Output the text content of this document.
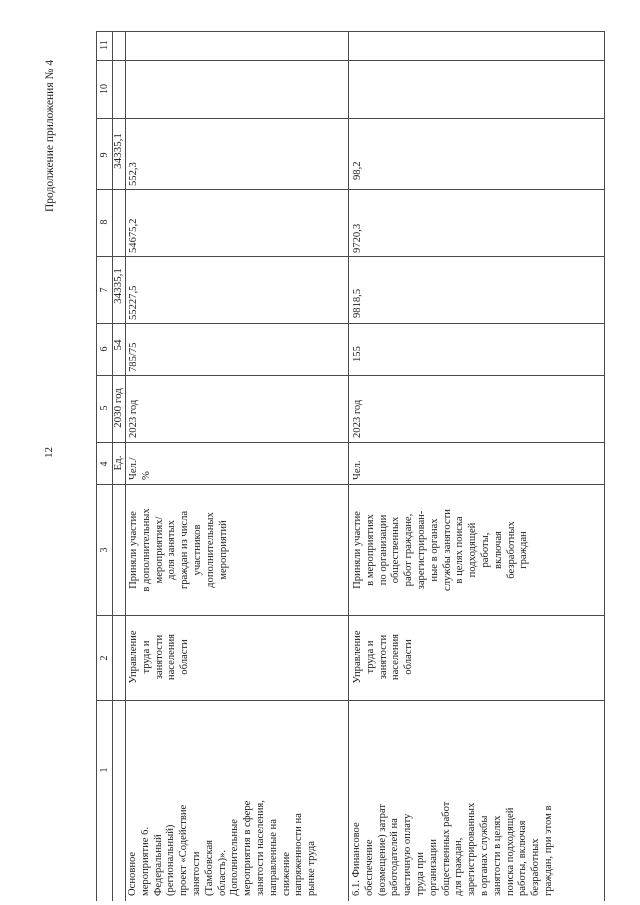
12
Продолжение приложения № 4
1
2
3
4
5
6
7
8
9
10
11
Ед.
2030 год
54
34335,1
34335,1
Основное
мероприятие 6.
Федеральный
(региональный)
проект «Содействие
занятости
(Тамбовская
область)».
Дополнительные
мероприятия в сфере
занятости населения,
направленные на
снижение
напряженности на
рынке труда
Управление
труда и
занятости
населения
области
Приняли участие
в дополнительных
мероприятиях/
доля занятых
граждан из числа
участников
дополнительных
мероприятий
Чел./
%
2023 год
785/75
55227,5
54675,2
552,3
6.1. Финансовое
обеспечение
(возмещение) затрат
работодателей на
частичную оплату
труда при
организации
общественных работ
для граждан,
зарегистрированных
в органах службы
занятости в целях
поиска подходящей
работы, включая
безработных
граждан, при этом в
Управление
труда и
занятости
населения
области
Приняли участие
в мероприятиях
по организации
общественных
работ граждане,
зарегистрирован-
ные в органах
службы занятости
в целях поиска
подходящей
работы,
включая
безработных
граждан
Чел.
2023 год
155
9818,5
9720,3
98,2
